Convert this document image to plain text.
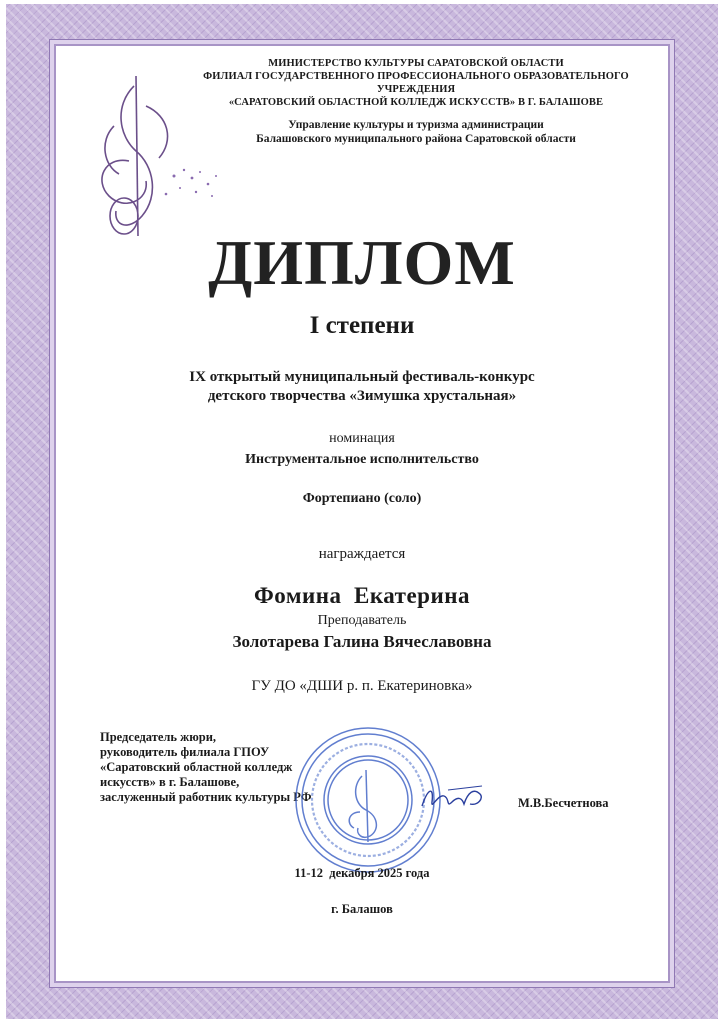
МИНИСТЕРСТВО КУЛЬТУРЫ САРАТОВСКОЙ ОБЛАСТИ
ФИЛИАЛ ГОСУДАРСТВЕННОГО ПРОФЕССИОНАЛЬНОГО ОБРАЗОВАТЕЛЬНОГО УЧРЕЖДЕНИЯ
«САРАТОВСКИЙ ОБЛАСТНОЙ КОЛЛЕДЖ ИСКУССТВ» В Г. БАЛАШОВЕ
Управление культуры и туризма администрации
Балашовского муниципального района Саратовской области
ДИПЛОМ
I степени
IX открытый муниципальный фестиваль-конкурс
детского творчества «Зимушка хрустальная»
номинация
Инструментальное исполнительство
Фортепиано (соло)
награждается
Фомина  Екатерина
Преподаватель
Золотарева Галина Вячеславовна
ГУ ДО «ДШИ р. п. Екатериновка»
Председатель жюри,
руководитель филиала ГПОУ
«Саратовский областной колледж
искусств» в г. Балашове,
заслуженный работник культуры РФ	М.В.Бесчетнова
11-12  декабря 2025 года
г. Балашов
